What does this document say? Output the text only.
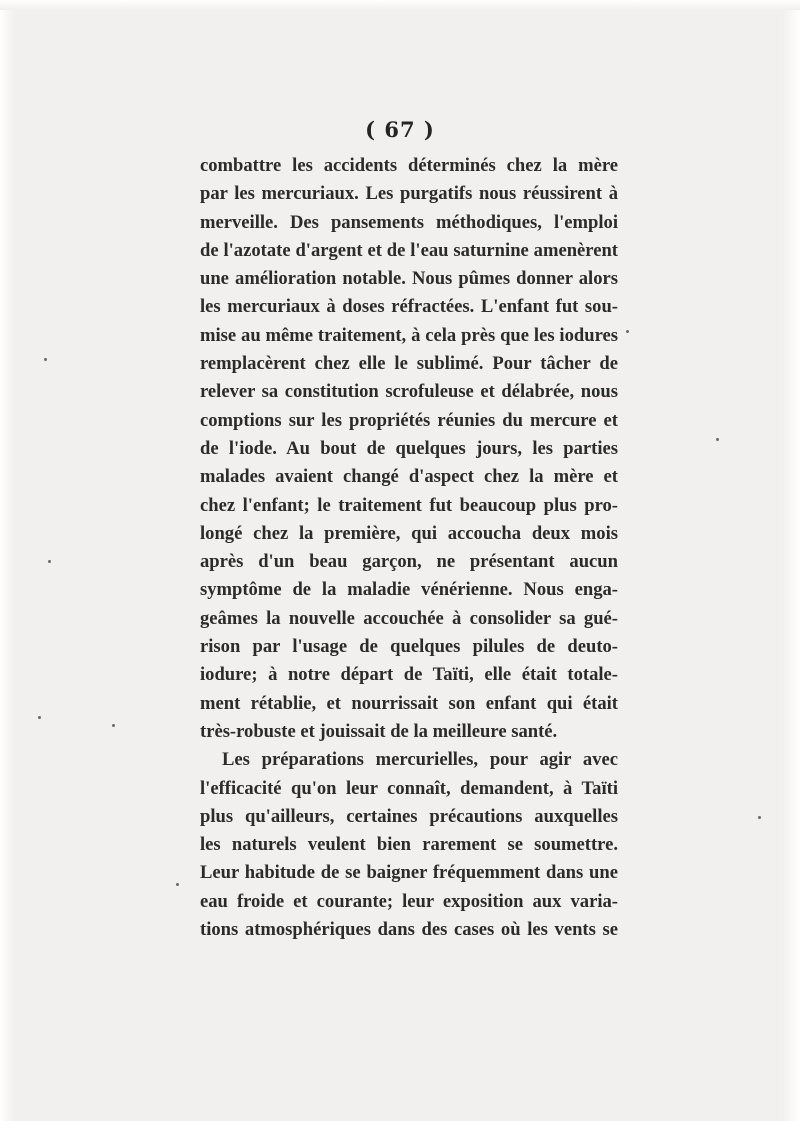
( 67 )
combattre les accidents déterminés chez la mère
par les mercuriaux. Les purgatifs nous réussirent à
merveille. Des pansements méthodiques, l'emploi
de l'azotate d'argent et de l'eau saturnine amenèrent
une amélioration notable. Nous pûmes donner alors
les mercuriaux à doses réfractées. L'enfant fut sou-
mise au même traitement, à cela près que les iodures
remplacèrent chez elle le sublimé. Pour tâcher de
relever sa constitution scrofuleuse et délabrée, nous
comptions sur les propriétés réunies du mercure et
de l'iode. Au bout de quelques jours, les parties
malades avaient changé d'aspect chez la mère et
chez l'enfant; le traitement fut beaucoup plus pro-
longé chez la première, qui accoucha deux mois
après d'un beau garçon, ne présentant aucun
symptôme de la maladie vénérienne. Nous enga-
geâmes la nouvelle accouchée à consolider sa gué-
rison par l'usage de quelques pilules de deuto-
iodure; à notre départ de Taïti, elle était totale-
ment rétablie, et nourrissait son enfant qui était
très-robuste et jouissait de la meilleure santé.
Les préparations mercurielles, pour agir avec
l'efficacité qu'on leur connaît, demandent, à Taïti
plus qu'ailleurs, certaines précautions auxquelles
les naturels veulent bien rarement se soumettre.
Leur habitude de se baigner fréquemment dans une
eau froide et courante; leur exposition aux varia-
tions atmosphériques dans des cases où les vents se
